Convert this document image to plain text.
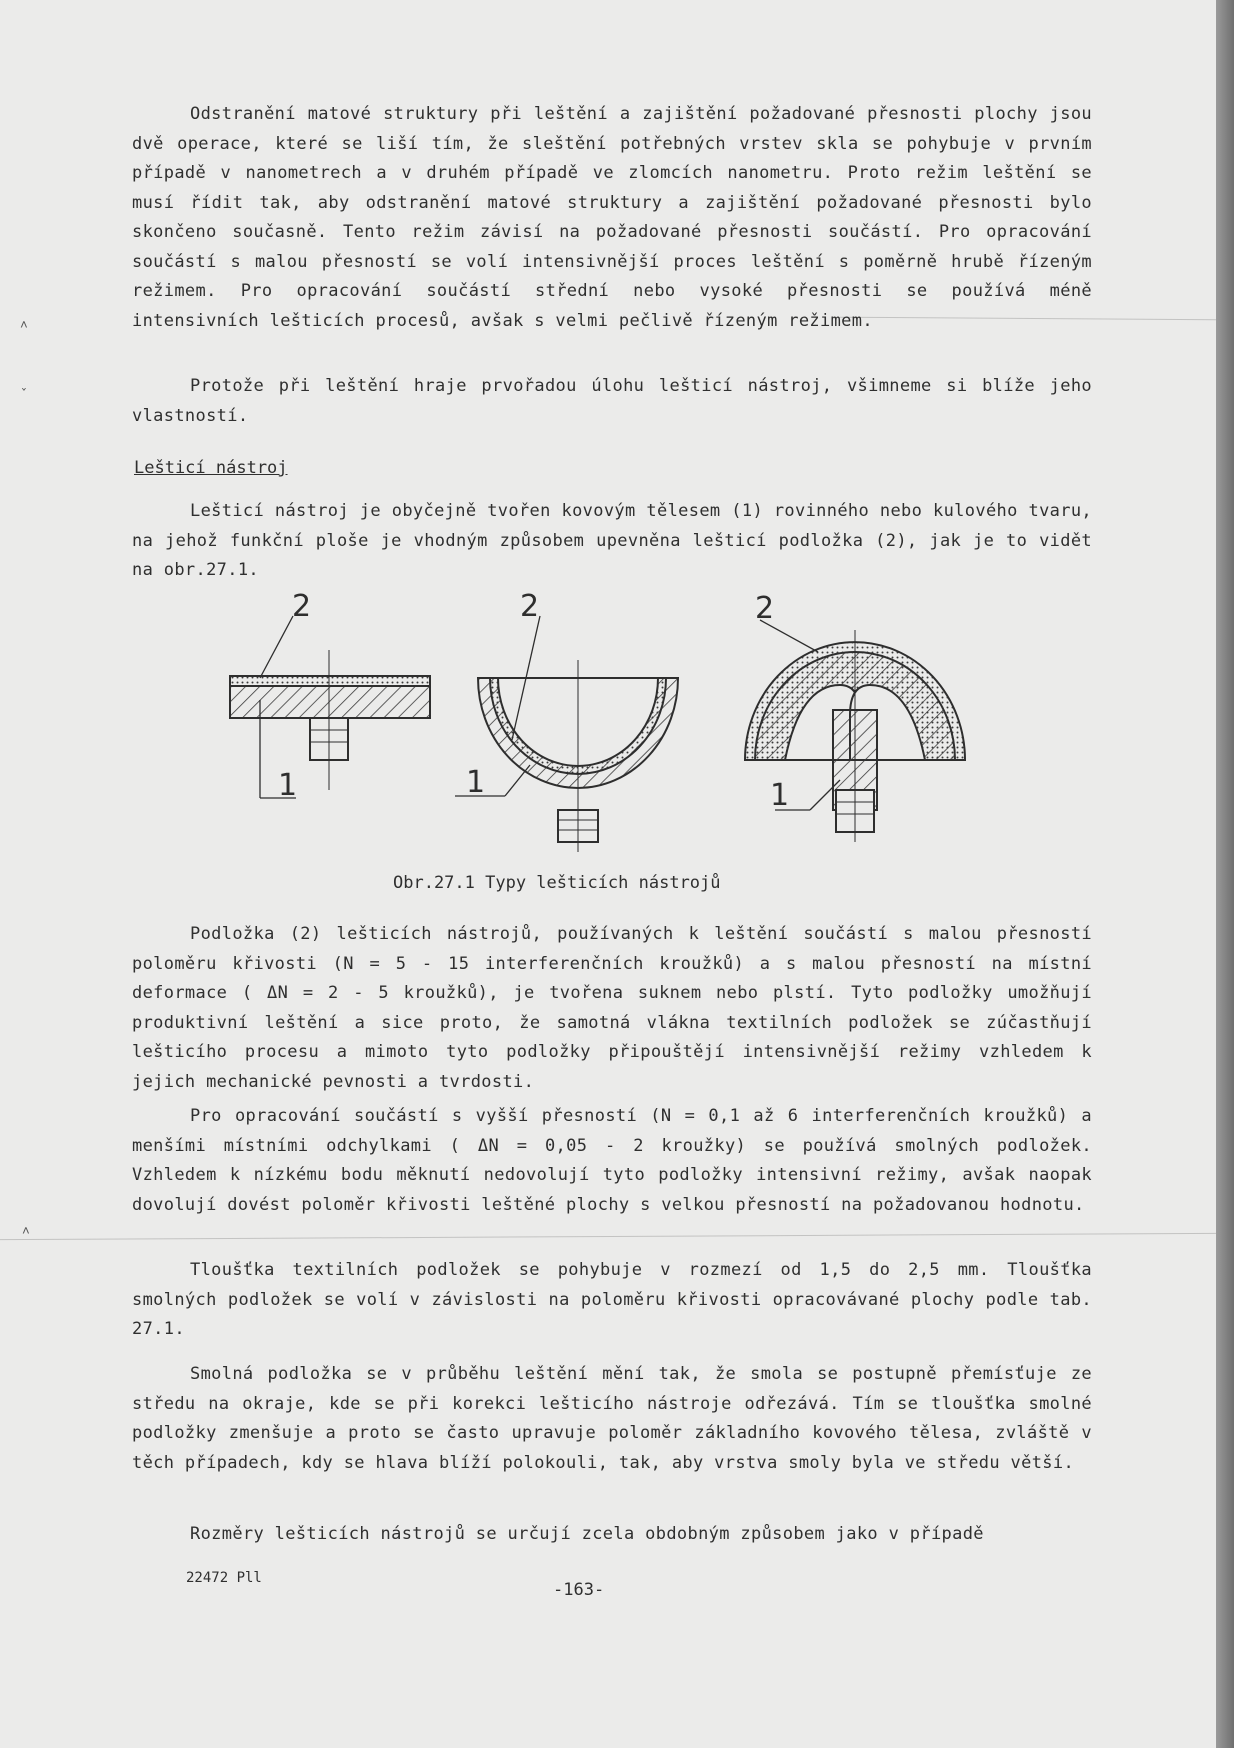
˄
ˇ
˄

Odstranění matové struktury při leštění a zajištění požadované přesnosti plochy jsou dvě operace, které se liší tím, že sleštění potřebných vrstev skla se pohybuje v prvním případě v nanometrech a v druhém případě ve zlomcích nanometru. Proto režim leštění se musí řídit tak, aby odstranění matové struktury a zajištění požadované přesnosti bylo skončeno současně. Tento režim závisí na požadované přesnosti součástí. Pro opracování součástí s malou přesností se volí intensivnější proces leštění s poměrně hrubě řízeným režimem. Pro opracování součástí střední nebo vysoké přesnosti se používá méně intensivních lešticích procesů, avšak s velmi pečlivě řízeným režimem.

Protože při leštění hraje prvořadou úlohu lešticí nástroj, všimneme si blíže jeho vlastností.

Lešticí nástroj

Lešticí nástroj je obyčejně tvořen kovovým tělesem (1) rovinného nebo kulového tvaru, na jehož funkční ploše je vhodným způsobem upevněna lešticí podložka (2), jak je to vidět na obr.27.1.

2
1
2
1
2
1

Obr.27.1 Typy lešticích nástrojů

Podložka (2) lešticích nástrojů, používaných k leštění součástí s malou přesností poloměru křivosti (N = 5 - 15 interferenčních kroužků) a s malou přesností na místní deformace ( ΔN = 2 - 5 kroužků), je tvořena suknem nebo plstí. Tyto podložky umožňují produktivní leštění a sice proto, že samotná vlákna textilních podložek se zúčastňují lešticího procesu a mimoto tyto podložky připouštějí intensivnější režimy vzhledem k jejich mechanické pevnosti a tvrdosti.

Pro opracování součástí s vyšší přesností (N = 0,1 až 6 interferenčních kroužků) a menšími místními odchylkami ( ΔN = 0,05 - 2 kroužky) se používá smolných podložek. Vzhledem k nízkému bodu měknutí nedovolují tyto podložky intensivní režimy, avšak naopak dovolují dovést poloměr křivosti leštěné plochy s velkou přesností na požadovanou hodnotu.

Tloušťka textilních podložek se pohybuje v rozmezí od 1,5 do 2,5 mm. Tloušťka smolných podložek se volí v závislosti na poloměru křivosti opracovávané plochy podle tab. 27.1.

Smolná podložka se v průběhu leštění mění tak, že smola se postupně přemísťuje ze středu na okraje, kde se při korekci lešticího nástroje odřezává. Tím se tloušťka smolné podložky zmenšuje a proto se často upravuje poloměr základního kovového tělesa, zvláště v těch případech, kdy se hlava blíží polokouli, tak, aby vrstva smoly byla ve středu větší.

Rozměry lešticích nástrojů se určují zcela obdobným způsobem jako v případě

22472 Pll

-163-
